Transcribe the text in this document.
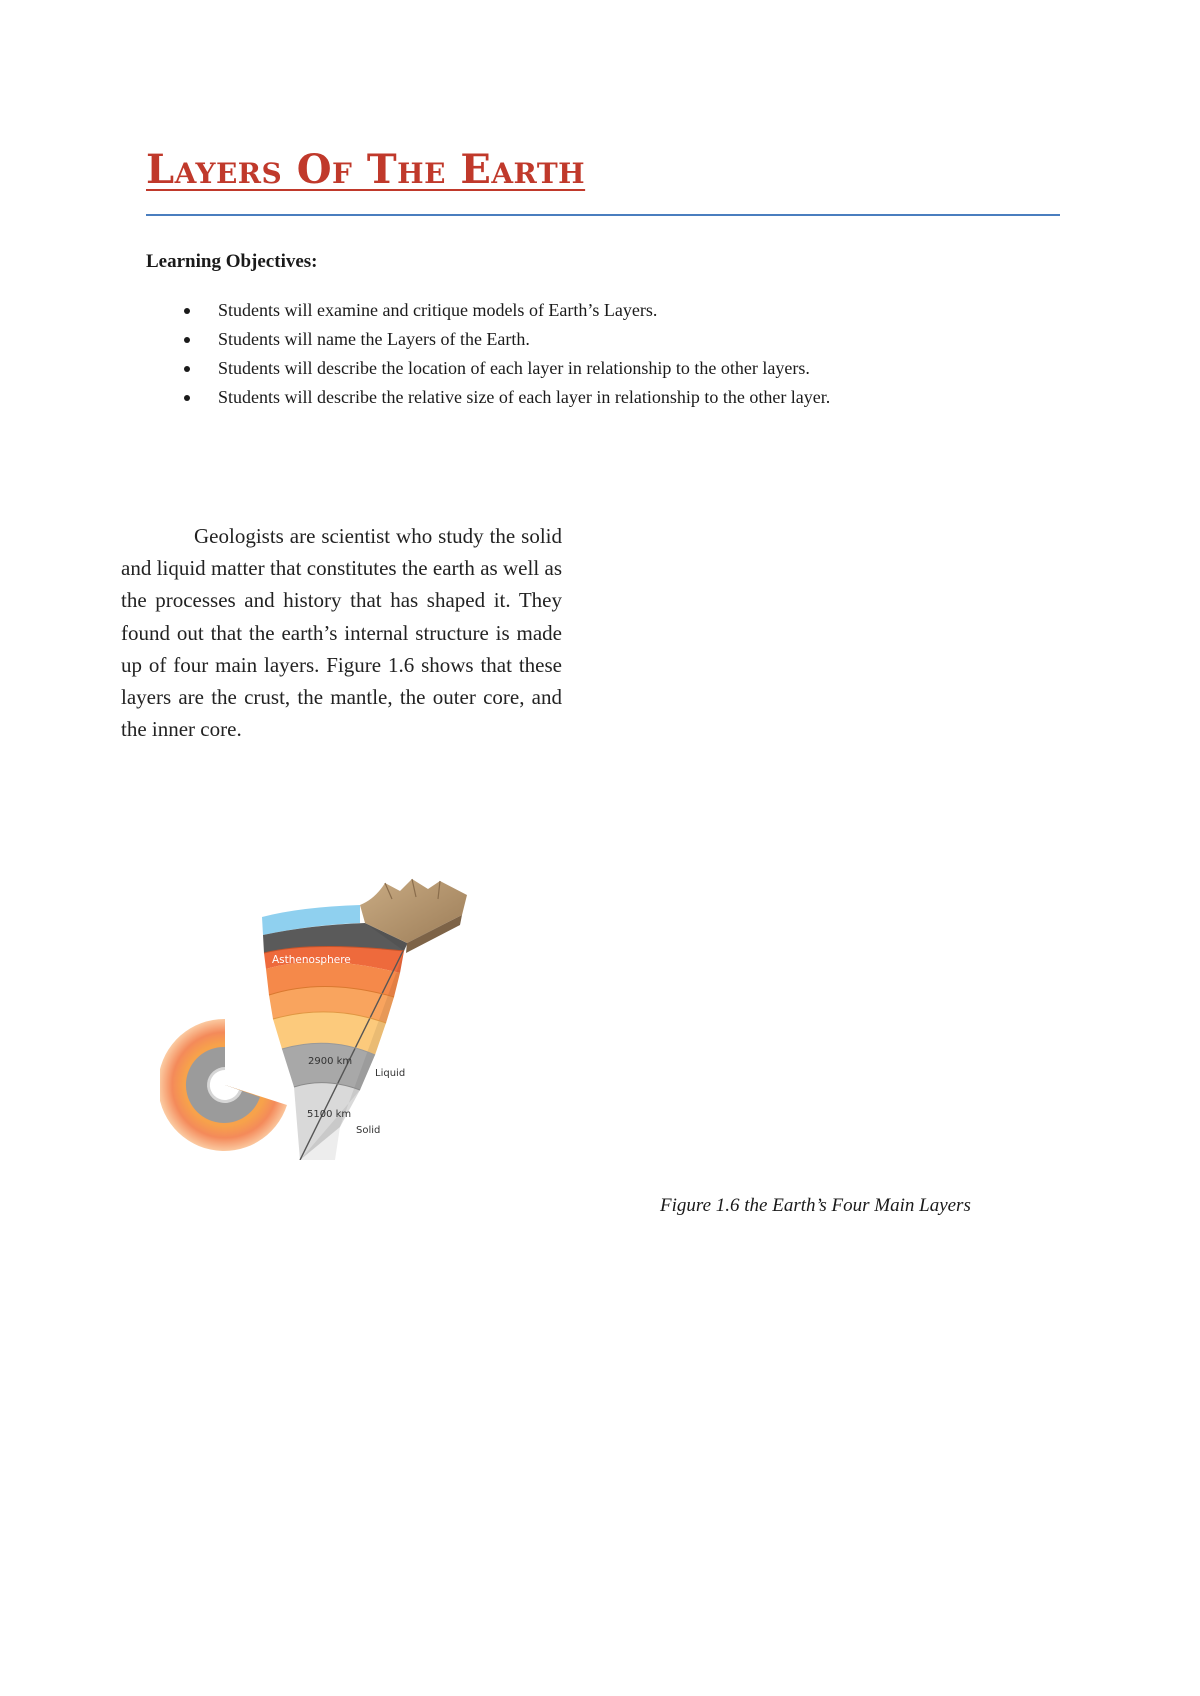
Layers Of The Earth

Learning Objectives:

Students will examine and critique models of Earth’s Layers.
Students will name the Layers of the Earth.
Students will describe the location of each layer in relationship to the other layers.
Students will describe the relative size of each layer in relationship to the other layer.

Geologists are scientist who study the solid and liquid matter that constitutes the earth as well as the processes and history that has shaped it. They found out that the earth’s internal structure is made up of four main layers. Figure 1.6 shows that these layers are the crust, the mantle, the outer core, and the inner core.

Asthenosphere
2900 km
Liquid
5100 km
Solid

Figure 1.6 the Earth’s Four Main Layers
